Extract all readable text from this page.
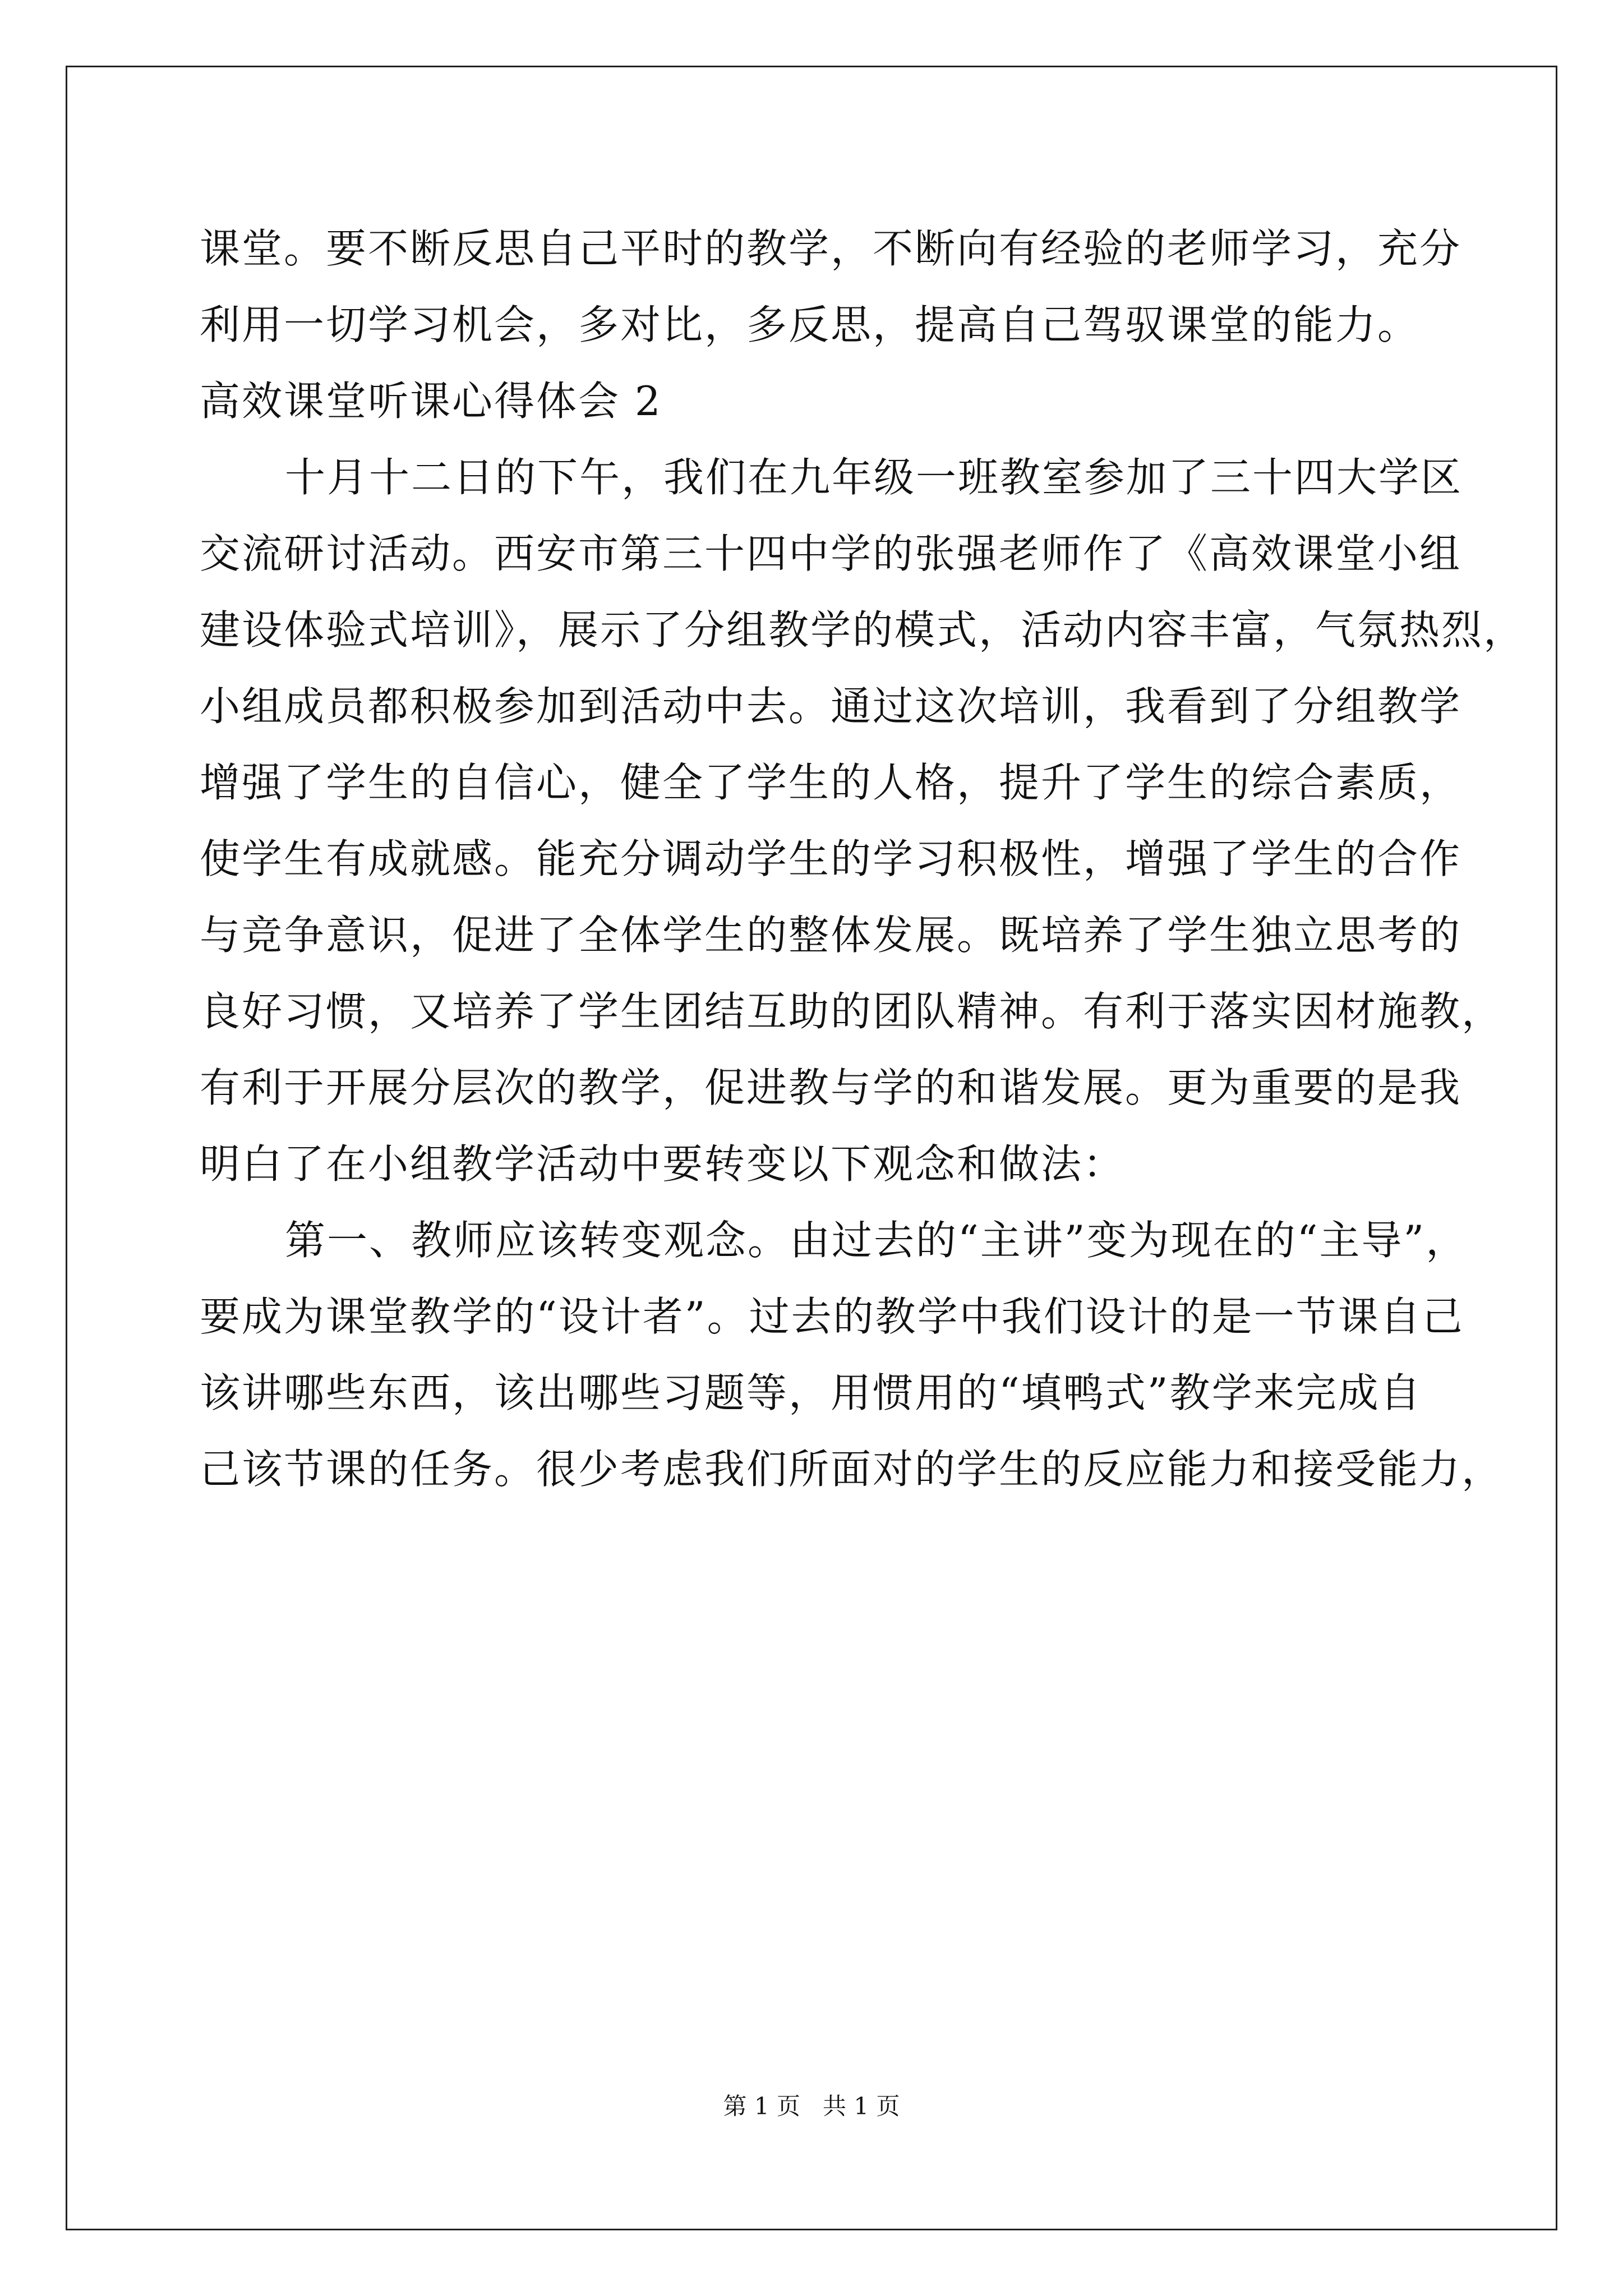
课堂。要不断反思自己平时的教学，不断向有经验的老师学习，充分
利用一切学习机会，多对比，多反思，提高自己驾驭课堂的能力。
高效课堂听课心得体会 2
十月十二日的下午，我们在九年级一班教室参加了三十四大学区
交流研讨活动。西安市第三十四中学的张强老师作了《高效课堂小组
建设体验式培训》，展示了分组教学的模式，活动内容丰富，气氛热烈，
小组成员都积极参加到活动中去。通过这次培训，我看到了分组教学
增强了学生的自信心，健全了学生的人格，提升了学生的综合素质，
使学生有成就感。能充分调动学生的学习积极性，增强了学生的合作
与竞争意识，促进了全体学生的整体发展。既培养了学生独立思考的
良好习惯，又培养了学生团结互助的团队精神。有利于落实因材施教，
有利于开展分层次的教学，促进教与学的和谐发展。更为重要的是我
明白了在小组教学活动中要转变以下观念和做法：
第一、教师应该转变观念。由过去的“主讲”变为现在的“主导”，
要成为课堂教学的“设计者”。过去的教学中我们设计的是一节课自己
该讲哪些东西，该出哪些习题等，用惯用的“填鸭式”教学来完成自
己该节课的任务。很少考虑我们所面对的学生的反应能力和接受能力，
第 1 页   共 1 页
